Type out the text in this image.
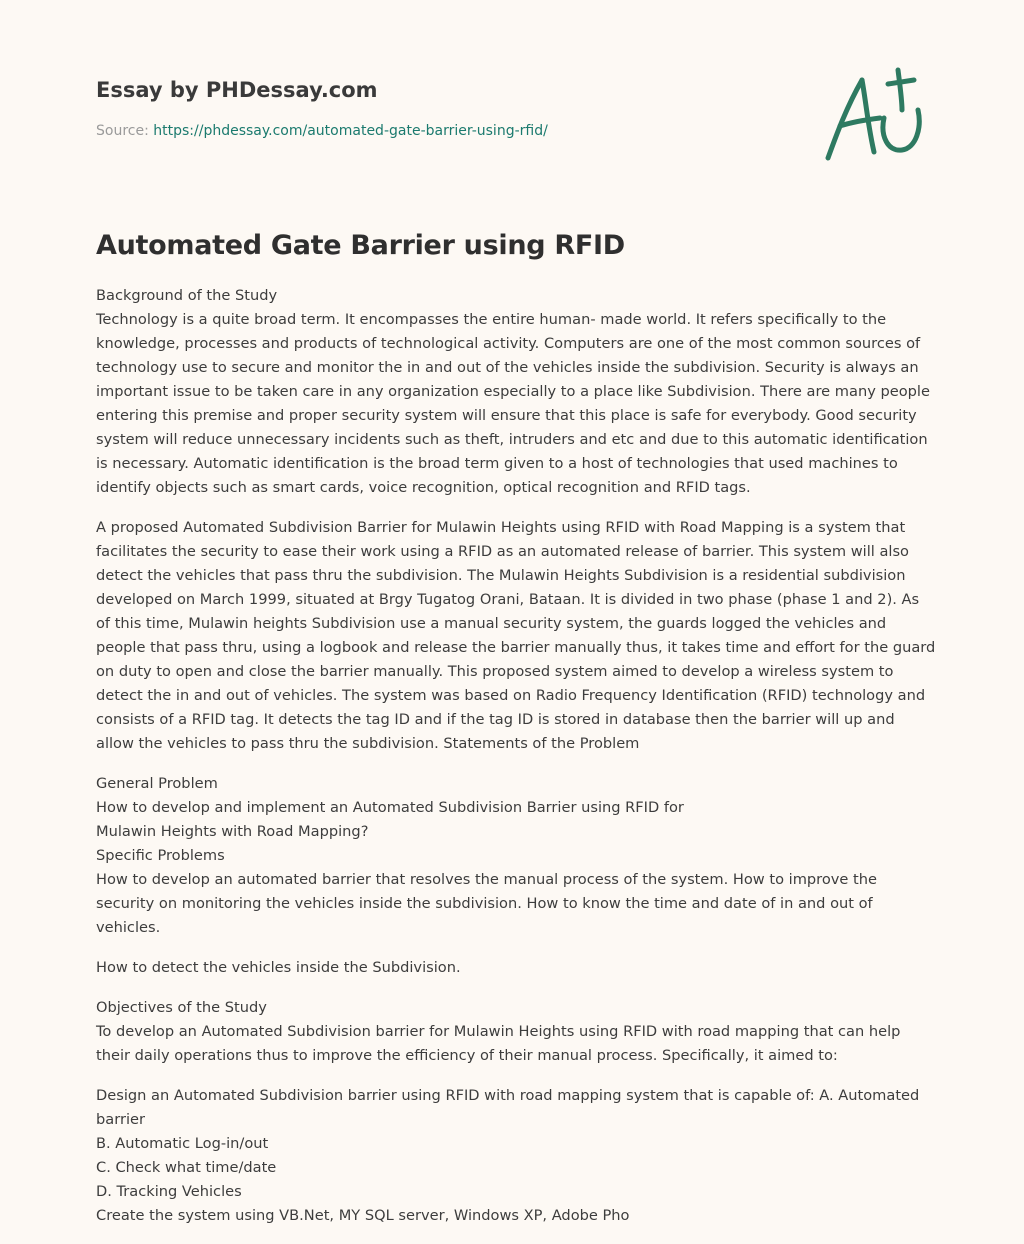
Essay by PHDessay.com
Source: https://phdessay.com/automated-gate-barrier-using-rfid/
Automated Gate Barrier using RFID

Background of the Study
Technology is a quite broad term. It encompasses the entire human- made world. It refers specifically to the knowledge, processes and products of technological activity. Computers are one of the most common sources of technology use to secure and monitor the in and out of the vehicles inside the subdivision. Security is always an important issue to be taken care in any organization especially to a place like Subdivision. There are many people entering this premise and proper security system will ensure that this place is safe for everybody. Good security system will reduce unnecessary incidents such as theft, intruders and etc and due to this automatic identification is necessary. Automatic identification is the broad term given to a host of technologies that used machines to identify objects such as smart cards, voice recognition, optical recognition and RFID tags.

A proposed Automated Subdivision Barrier for Mulawin Heights using RFID with Road Mapping is a system that facilitates the security to ease their work using a RFID as an automated release of barrier. This system will also detect the vehicles that pass thru the subdivision. The Mulawin Heights Subdivision is a residential subdivision developed on March 1999, situated at Brgy Tugatog Orani, Bataan. It is divided in two phase (phase 1 and 2). As of this time, Mulawin heights Subdivision use a manual security system, the guards logged the vehicles and people that pass thru, using a logbook and release the barrier manually thus, it takes time and effort for the guard on duty to open and close the barrier manually. This proposed system aimed to develop a wireless system to detect the in and out of vehicles. The system was based on Radio Frequency Identification (RFID) technology and consists of a RFID tag. It detects the tag ID and if the tag ID is stored in database then the barrier will up and allow the vehicles to pass thru the subdivision. Statements of the Problem

General Problem
How to develop and implement an Automated Subdivision Barrier using RFID for
Mulawin Heights with Road Mapping?
Specific Problems
How to develop an automated barrier that resolves the manual process of the system. How to improve the security on monitoring the vehicles inside the subdivision. How to know the time and date of in and out of vehicles.

How to detect the vehicles inside the Subdivision.

Objectives of the Study
To develop an Automated Subdivision barrier for Mulawin Heights using RFID with road mapping that can help their daily operations thus to improve the efficiency of their manual process. Specifically, it aimed to:

Design an Automated Subdivision barrier using RFID with road mapping system that is capable of: A. Automated barrier
B. Automatic Log-in/out
C. Check what time/date
D. Tracking Vehicles
Create the system using VB.Net, MY SQL server, Windows XP, Adobe Pho
